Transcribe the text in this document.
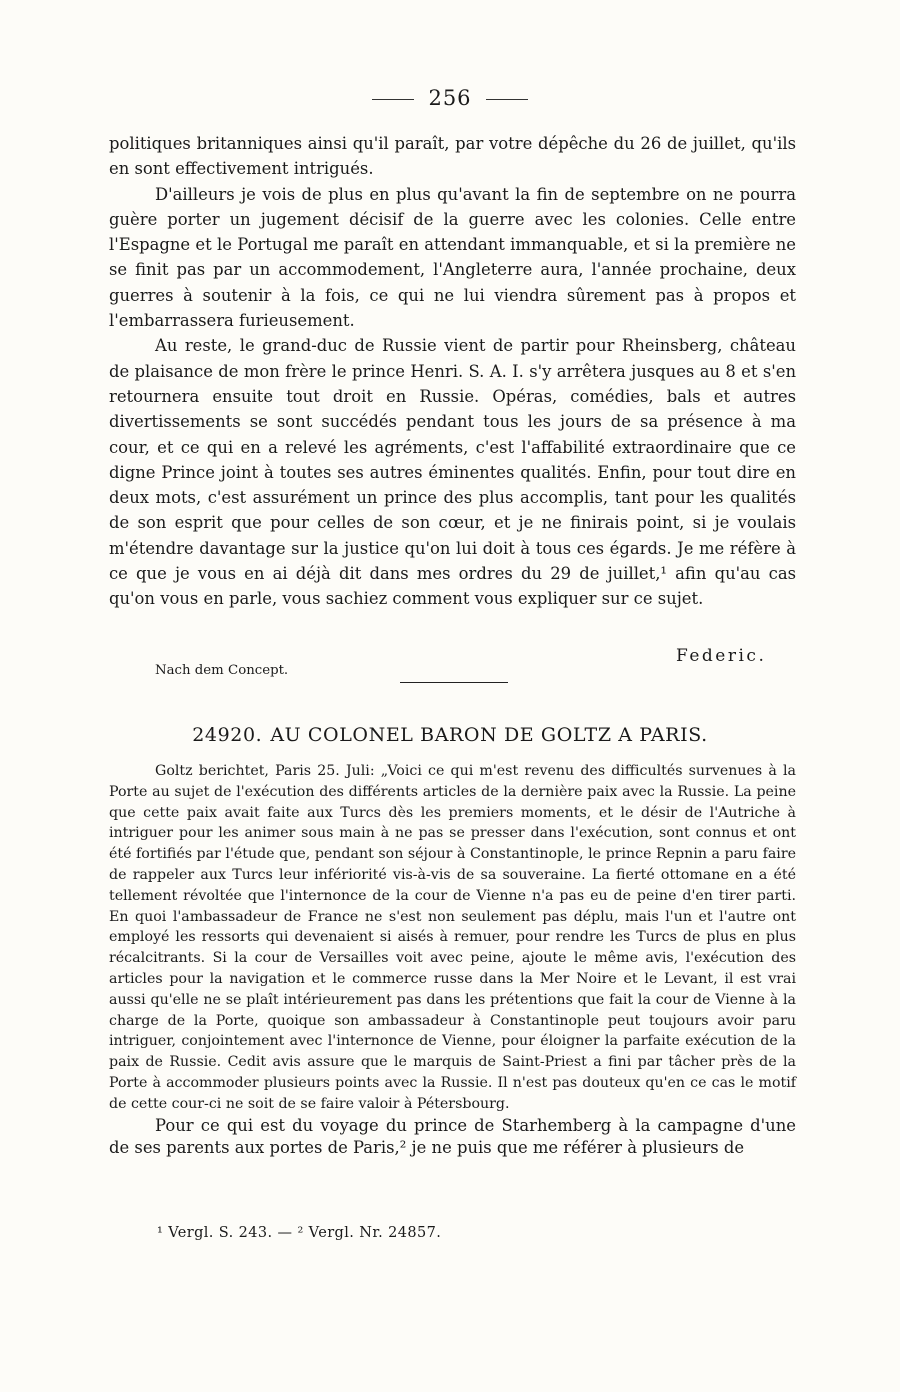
256

politiques britanniques ainsi qu'il paraît, par votre dépêche du 26 de juillet, qu'ils en sont effectivement intrigués.

D'ailleurs je vois de plus en plus qu'avant la fin de septembre on ne pourra guère porter un jugement décisif de la guerre avec les colonies. Celle entre l'Espagne et le Portugal me paraît en attendant immanquable, et si la première ne se finit pas par un accommodement, l'Angleterre aura, l'année prochaine, deux guerres à soutenir à la fois, ce qui ne lui viendra sûrement pas à propos et l'embarrassera furieusement.

Au reste, le grand-duc de Russie vient de partir pour Rheinsberg, château de plaisance de mon frère le prince Henri. S. A. I. s'y arrêtera jusques au 8 et s'en retournera ensuite tout droit en Russie. Opéras, comédies, bals et autres divertissements se sont succédés pendant tous les jours de sa présence à ma cour, et ce qui en a relevé les agréments, c'est l'affabilité extraordinaire que ce digne Prince joint à toutes ses autres éminentes qualités. Enfin, pour tout dire en deux mots, c'est assurément un prince des plus accomplis, tant pour les qualités de son esprit que pour celles de son cœur, et je ne finirais point, si je voulais m'étendre davantage sur la justice qu'on lui doit à tous ces égards. Je me réfère à ce que je vous en ai déjà dit dans mes ordres du 29 de juillet,¹ afin qu'au cas qu'on vous en parle, vous sachiez comment vous expliquer sur ce sujet.

Federic.
Nach dem Concept.
24920. AU COLONEL BARON DE GOLTZ A PARIS.

Goltz berichtet, Paris 25. Juli: „Voici ce qui m'est revenu des difficultés survenues à la Porte au sujet de l'exécution des différents articles de la dernière paix avec la Russie. La peine que cette paix avait faite aux Turcs dès les premiers moments, et le désir de l'Autriche à intriguer pour les animer sous main à ne pas se presser dans l'exécution, sont connus et ont été fortifiés par l'étude que, pendant son séjour à Constantinople, le prince Repnin a paru faire de rappeler aux Turcs leur infériorité vis-à-vis de sa souveraine. La fierté ottomane en a été tellement révoltée que l'internonce de la cour de Vienne n'a pas eu de peine d'en tirer parti. En quoi l'ambassadeur de France ne s'est non seulement pas déplu, mais l'un et l'autre ont employé les ressorts qui devenaient si aisés à remuer, pour rendre les Turcs de plus en plus récalcitrants. Si la cour de Versailles voit avec peine, ajoute le même avis, l'exécution des articles pour la navigation et le commerce russe dans la Mer Noire et le Levant, il est vrai aussi qu'elle ne se plaît intérieurement pas dans les prétentions que fait la cour de Vienne à la charge de la Porte, quoique son ambassadeur à Constantinople peut toujours avoir paru intriguer, conjointement avec l'internonce de Vienne, pour éloigner la parfaite exécution de la paix de Russie. Cedit avis assure que le marquis de Saint-Priest a fini par tâcher près de la Porte à accommoder plusieurs points avec la Russie. Il n'est pas douteux qu'en ce cas le motif de cette cour-ci ne soit de se faire valoir à Pétersbourg.

Pour ce qui est du voyage du prince de Starhemberg à la campagne d'une de ses parents aux portes de Paris,² je ne puis que me référer à plusieurs de

¹ Vergl. S. 243. — ² Vergl. Nr. 24857.
